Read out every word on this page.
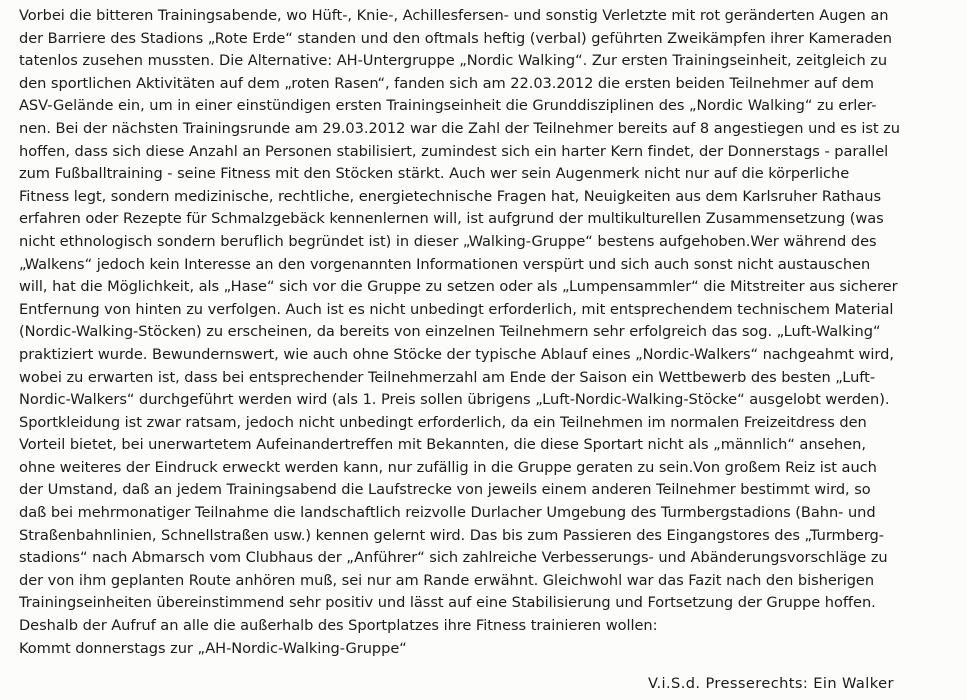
Vorbei die bitteren Trainingsabende, wo Hüft-, Knie-, Achillesfersen- und sonstig Verletzte mit rot geränderten Augen an
der Barriere des Stadions „Rote Erde“ standen und den oftmals heftig (verbal) geführten Zweikämpfen ihrer Kameraden
tatenlos zusehen mussten. Die Alternative: AH-Untergruppe „Nordic Walking“. Zur ersten Trainingseinheit, zeitgleich zu
den sportlichen Aktivitäten auf dem „roten Rasen“, fanden sich am 22.03.2012 die ersten beiden Teilnehmer auf dem
ASV-Gelände ein, um in einer einstündigen ersten Trainingseinheit die Grunddisziplinen des „Nordic Walking“ zu erler-
nen. Bei der nächsten Trainingsrunde am 29.03.2012 war die Zahl der Teilnehmer bereits auf 8 angestiegen und es ist zu
hoffen, dass sich diese Anzahl an Personen stabilisiert, zumindest sich ein harter Kern findet, der Donnerstags - parallel
zum Fußballtraining - seine Fitness mit den Stöcken stärkt. Auch wer sein Augenmerk nicht nur auf die körperliche
Fitness legt, sondern medizinische, rechtliche, energietechnische Fragen hat, Neuigkeiten aus dem Karlsruher Rathaus
erfahren oder Rezepte für Schmalzgebäck kennenlernen will, ist aufgrund der multikulturellen Zusammensetzung (was
nicht ethnologisch sondern beruflich begründet ist) in dieser „Walking-Gruppe“ bestens aufgehoben.Wer während des
„Walkens“ jedoch kein Interesse an den vorgenannten Informationen verspürt und sich auch sonst nicht austauschen
will, hat die Möglichkeit, als „Hase“ sich vor die Gruppe zu setzen oder als „Lumpensammler“ die Mitstreiter aus sicherer
Entfernung von hinten zu verfolgen. Auch ist es nicht unbedingt erforderlich, mit entsprechendem technischem Material
(Nordic-Walking-Stöcken) zu erscheinen, da bereits von einzelnen Teilnehmern sehr erfolgreich das sog. „Luft-Walking“
praktiziert wurde. Bewundernswert, wie auch ohne Stöcke der typische Ablauf eines „Nordic-Walkers“ nachgeahmt wird,
wobei zu erwarten ist, dass bei entsprechender Teilnehmerzahl am Ende der Saison ein Wettbewerb des besten „Luft-
Nordic-Walkers“ durchgeführt werden wird (als 1. Preis sollen übrigens „Luft-Nordic-Walking-Stöcke“ ausgelobt werden).
Sportkleidung ist zwar ratsam, jedoch nicht unbedingt erforderlich, da ein Teilnehmen im normalen Freizeitdress den
Vorteil bietet, bei unerwartetem Aufeinandertreffen mit Bekannten, die diese Sportart nicht als „männlich“ ansehen,
ohne weiteres der Eindruck erweckt werden kann, nur zufällig in die Gruppe geraten zu sein.Von großem Reiz ist auch
der Umstand, daß an jedem Trainingsabend die Laufstrecke von jeweils einem anderen Teilnehmer bestimmt wird, so
daß bei mehrmonatiger Teilnahme die landschaftlich reizvolle Durlacher Umgebung des Turmbergstadions (Bahn- und
Straßenbahnlinien, Schnellstraßen usw.) kennen gelernt wird. Das bis zum Passieren des Eingangstores des „Turmberg-
stadions“ nach Abmarsch vom Clubhaus der „Anführer“ sich zahlreiche Verbesserungs- und Abänderungsvorschläge zu
der von ihm geplanten Route anhören muß, sei nur am Rande erwähnt. Gleichwohl war das Fazit nach den bisherigen
Trainingseinheiten übereinstimmend sehr positiv und lässt auf eine Stabilisierung und Fortsetzung der Gruppe hoffen.
Deshalb der Aufruf an alle die außerhalb des Sportplatzes ihre Fitness trainieren wollen:
Kommt donnerstags zur „AH-Nordic-Walking-Gruppe“
V.i.S.d. Presserechts: Ein Walker
